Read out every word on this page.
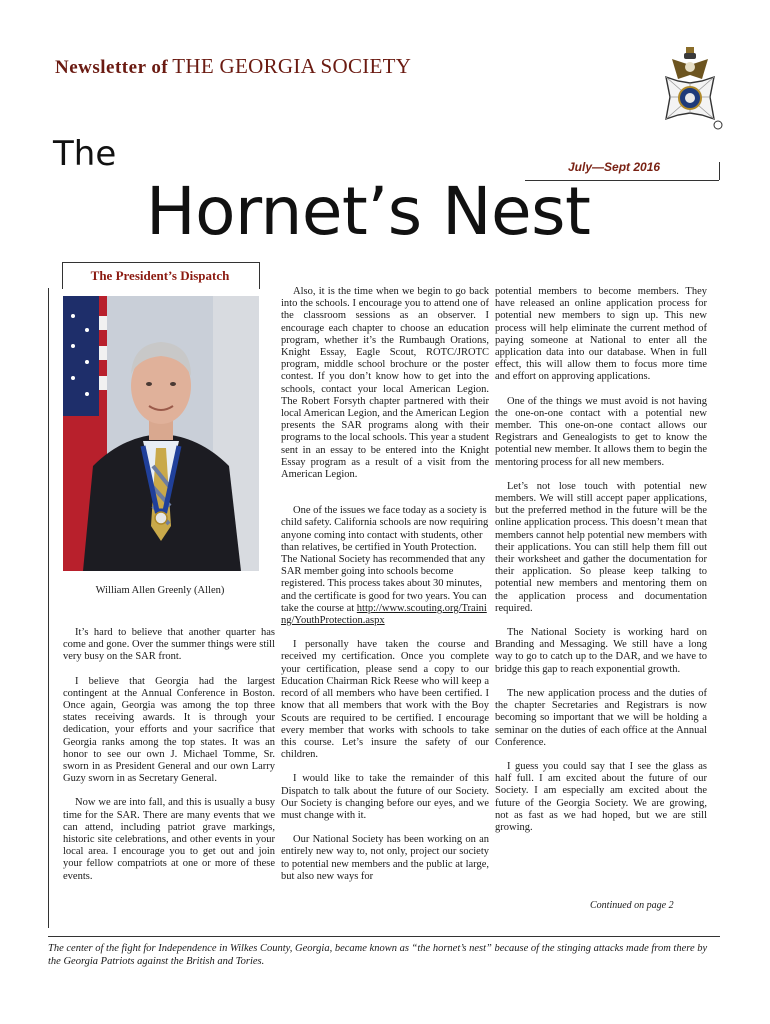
Newsletter of THE GEORGIA SOCIETY
The	July—Sept 2016
Hornet’s Nest
The President’s Dispatch
William Allen Greenly (Allen)

It’s hard to believe that another quarter has come and gone. Over the summer things were still very busy on the SAR front.

I believe that Georgia had the largest contingent at the Annual Conference in Boston. Once again, Georgia was among the top three states receiving awards. It is through your dedication, your efforts and your sacrifice that Georgia ranks among the top states. It was an honor to see our own J. Michael Tomme, Sr. sworn in as President General and our own Larry Guzy sworn in as Secretary General.

Now we are into fall, and this is usually a busy time for the SAR. There are many events that we can attend, including patriot grave markings, historic site celebrations, and other events in your local area. I encourage you to get out and join your fellow compatriots at one or more of these events.

Also, it is the time when we begin to go back into the schools. I encourage you to attend one of the classroom sessions as an observer. I encourage each chapter to choose an education program, whether it’s the Rumbaugh Orations, Knight Essay, Eagle Scout, ROTC/JROTC program, middle school brochure or the poster contest. If you don’t know how to get into the schools, contact your local American Legion. The Robert Forsyth chapter partnered with their local American Legion, and the American Legion presents the SAR programs along with their programs to the local schools. This year a student sent in an essay to be entered into the Knight Essay program as a result of a visit from the American Legion.

One of the issues we face today as a society is child safety. California schools are now requiring anyone coming into contact with students, other than relatives, be certified in Youth Protection. The National Society has recommended that any SAR member going into schools become registered. This process takes about 30 minutes, and the certificate is good for two years. You can take the course at http://www.scouting.org/Training/YouthProtection.aspx

I personally have taken the course and received my certification. Once you complete your certification, please send a copy to our Education Chairman Rick Reese who will keep a record of all members who have been certified. I know that all members that work with the Boy Scouts are required to be certified. I encourage every member that works with schools to take this course. Let’s insure the safety of our children.

I would like to take the remainder of this Dispatch to talk about the future of our Society. Our Society is changing before our eyes, and we must change with it.

Our National Society has been working on an entirely new way to, not only, project our society to potential new members and the public at large, but also new ways for

potential members to become members. They have released an online application process for potential new members to sign up. This new process will help eliminate the current method of paying someone at National to enter all the application data into our database. When in full effect, this will allow them to focus more time and effort on approving applications.

One of the things we must avoid is not having the one-on-one contact with a potential new member. This one-on-one contact allows our Registrars and Genealogists to get to know the potential new member. It allows them to begin the mentoring process for all new members.

Let’s not lose touch with potential new members. We will still accept paper applications, but the preferred method in the future will be the online application process. This doesn’t mean that members cannot help potential new members with their applications. You can still help them fill out their worksheet and gather the documentation for their application. So please keep talking to potential new members and mentoring them on the application process and documentation required.

The National Society is working hard on Branding and Messaging. We still have a long way to go to catch up to the DAR, and we have to bridge this gap to reach exponential growth.

The new application process and the duties of the chapter Secretaries and Registrars is now becoming so important that we will be holding a seminar on the duties of each office at the Annual Conference.

I guess you could say that I see the glass as half full. I am excited about the future of our Society. I am especially am excited about the future of the Georgia Society. We are growing, not as fast as we had hoped, but we are still growing.

Continued on page 2
The center of the fight for Independence in Wilkes County, Georgia, became known as “the hornet’s nest” because of the stinging attacks made from there by the Georgia Patriots against the British and Tories.
